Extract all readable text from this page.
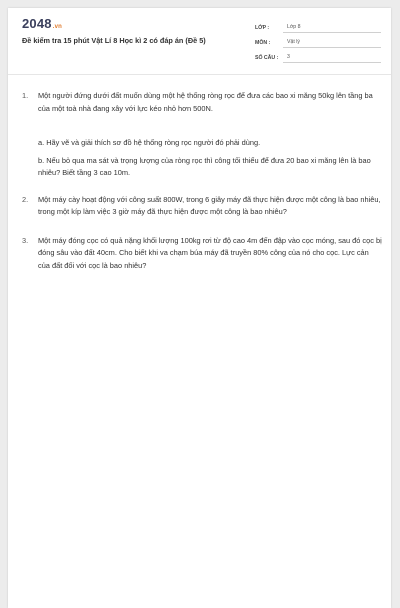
2048.vn
Đề kiểm tra 15 phút Vật Lí 8 Học kì 2 có đáp án (Đề 5)
LỚP :	Lớp 8
MÔN :	Vật lý
SỐ CÂU :	3
1.	Một người đứng dưới đất muốn dùng một hệ thống ròng rọc để đưa các bao xi măng 50kg lên tầng ba của một toà nhà đang xây với lực kéo nhỏ hơn 500N.
a. Hãy vẽ và giải thích sơ đồ hệ thống ròng rọc người đó phải dùng.
b. Nếu bỏ qua ma sát và trọng lượng của ròng rọc thì công tối thiểu để đưa 20 bao xi măng lên là bao nhiêu? Biết tầng 3 cao 10m.
2.	Một máy cày hoạt động với công suất 800W, trong 6 giây máy đã thực hiện được một công là bao nhiêu, trong một kíp làm việc 3 giờ máy đã thực hiện được một công là bao nhiêu?
3.	Một máy đóng cọc có quả nặng khối lượng 100kg rơi từ độ cao 4m đến đập vào cọc móng, sau đó cọc bị đóng sâu vào đất 40cm. Cho biết khi va chạm búa máy đã truyền 80% công của nó cho cọc. Lực cản của đất đối với cọc là bao nhiêu?
